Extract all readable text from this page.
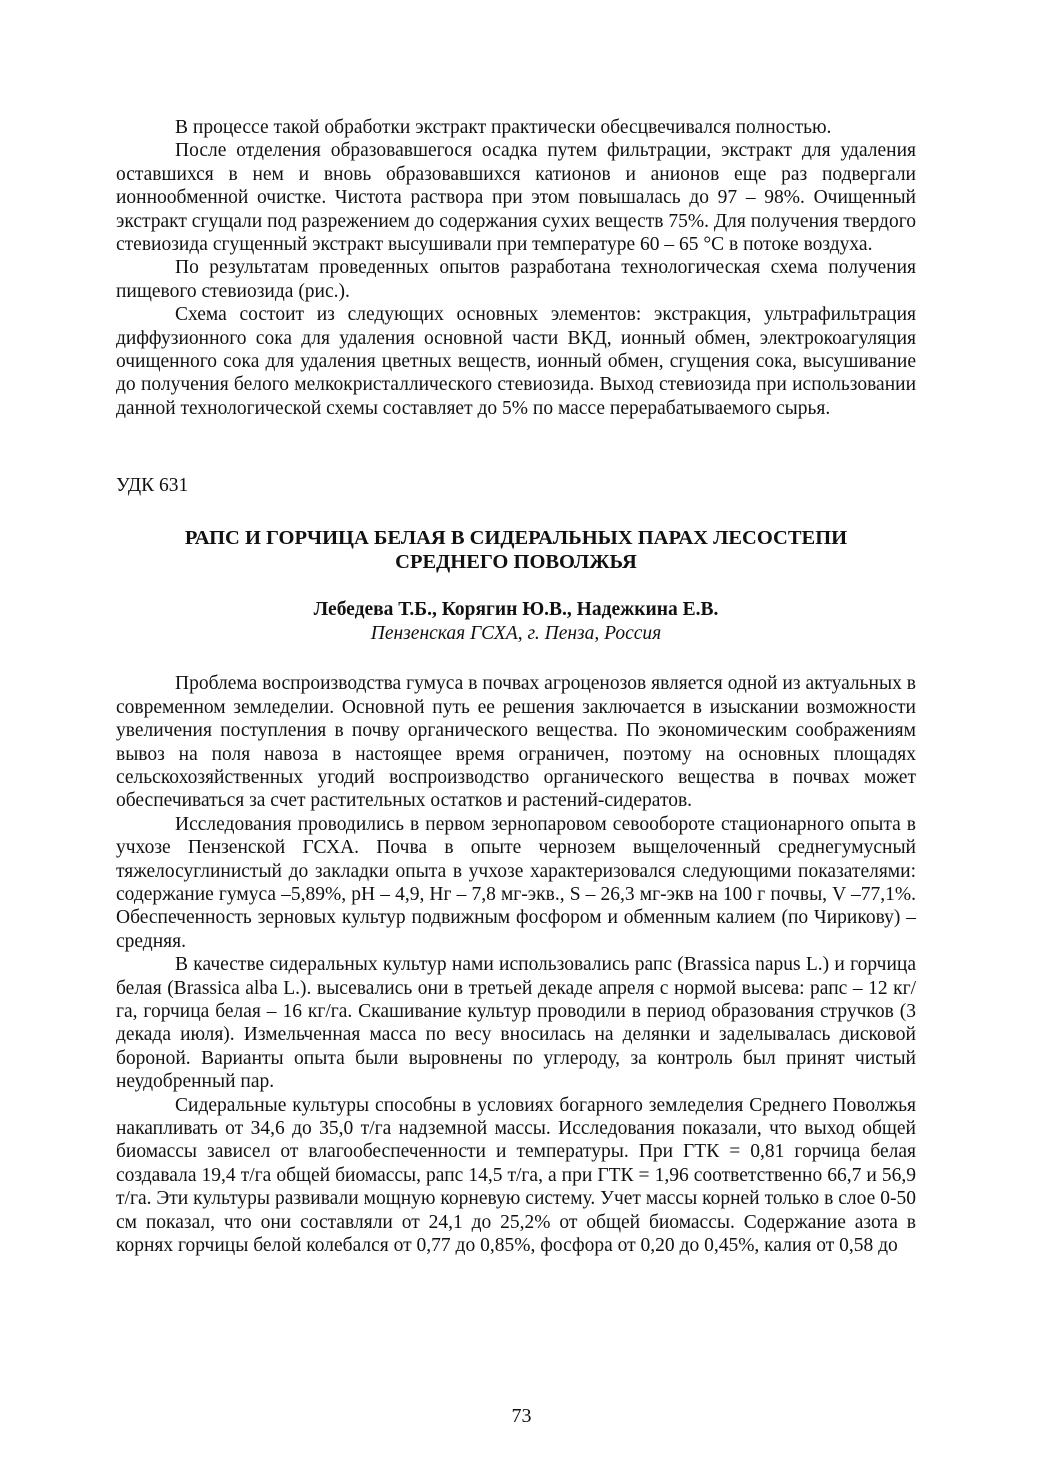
В процессе такой обработки экстракт практически обесцвечивался полностью.

После отделения образовавшегося осадка путем фильтрации, экстракт для удаления оставшихся в нем и вновь образовавшихся катионов и анионов еще раз подвергали ионнообменной очистке. Чистота раствора при этом повышалась до 97 – 98%. Очищенный экстракт сгущали под разрежением до содержания сухих веществ 75%. Для получения твердого стевиозида сгущенный экстракт высушивали при температуре 60 – 65 °С в потоке воздуха.

По результатам проведенных опытов разработана технологическая схема получения пищевого стевиозида (рис.).

Схема состоит из следующих основных элементов: экстракция, ультрафильтрация диффузионного сока для удаления основной части ВКД, ионный обмен, электрокоагуляция очищенного сока для удаления цветных веществ, ионный обмен, сгущения сока, высушивание до получения белого мелкокристаллического стевиозида. Выход стевиозида при использовании данной технологической схемы составляет до 5% по массе перерабатываемого сырья.

УДК 631
РАПС И ГОРЧИЦА БЕЛАЯ В СИДЕРАЛЬНЫХ ПАРАХ ЛЕСОСТЕПИ
СРЕДНЕГО ПОВОЛЖЬЯ
Лебедева Т.Б., Корягин Ю.В., Надежкина Е.В.
Пензенская ГСХА, г. Пенза, Россия

Проблема воспроизводства гумуса в почвах агроценозов является одной из актуальных в современном земледелии. Основной путь ее решения заключается в изыскании возможности увеличения поступления в почву органического вещества. По экономическим соображениям вывоз на поля навоза в настоящее время ограничен, поэтому на основных площадях сельскохозяйственных угодий воспроизводство органического вещества в почвах может обеспечиваться за счет растительных остатков и растений-сидератов.

Исследования проводились в первом зернопаровом севообороте стационарного опыта в учхозе Пензенской ГСХА. Почва в опыте чернозем выщелоченный среднегумусный тяжелосуглинистый до закладки опыта в учхозе характеризовался следующими показателями: содержание гумуса –5,89%, pH – 4,9, Hг – 7,8 мг-экв., S – 26,3 мг-экв на 100 г почвы, V –77,1%. Обеспеченность зерновых культур подвижным фосфором и обменным калием (по Чирикову) – средняя.

В качестве сидеральных культур нами использовались рапс (Brassica napus L.) и горчица белая (Brassica alba L.). высевались они в третьей декаде апреля с нормой высева: рапс – 12 кг/га, горчица белая – 16 кг/га. Скашивание культур проводили в период образования стручков (3 декада июля). Измельченная масса по весу вносилась на делянки и заделывалась дисковой бороной. Варианты опыта были выровнены по углероду, за контроль был принят чистый неудобренный пар.

Сидеральные культуры способны в условиях богарного земледелия Среднего Поволжья накапливать от 34,6 до 35,0 т/га надземной массы. Исследования показали, что выход общей биомассы зависел от влагообеспеченности и температуры. При ГТК = 0,81 горчица белая создавала 19,4 т/га общей биомассы, рапс 14,5 т/га, а при ГТК = 1,96 соответственно 66,7 и 56,9 т/га. Эти культуры развивали мощную корневую систему. Учет массы корней только в слое 0-50 см показал, что они составляли от 24,1 до 25,2% от общей биомассы. Содержание азота в корнях горчицы белой колебался от 0,77 до 0,85%, фосфора от 0,20 до 0,45%, калия от 0,58 до

73
